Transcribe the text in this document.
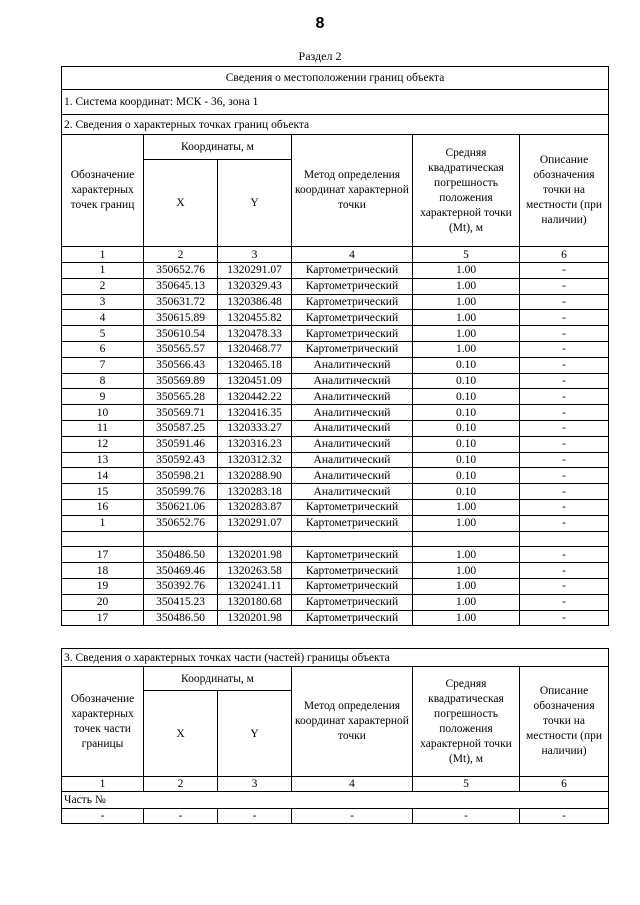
8
Раздел 2
Сведения о местоположении границ объекта					
1. Система координат: МСК - 36, зона 1					
2. Сведения о характерных точках границ объекта					
Обозначение характерных точек границ	Координаты, м		Метод определения координат характерной точки	Средняя квадратическая погрешность положения характерной точки (Mt), м	Описание обозначения точки на местности (при наличии)
	X	Y			
1	2	3	4	5	6
1	350652.76	1320291.07	Картометрический	1.00	-
2	350645.13	1320329.43	Картометрический	1.00	-
3	350631.72	1320386.48	Картометрический	1.00	-
4	350615.89	1320455.82	Картометрический	1.00	-
5	350610.54	1320478.33	Картометрический	1.00	-
6	350565.57	1320468.77	Картометрический	1.00	-
7	350566.43	1320465.18	Аналитический	0.10	-
8	350569.89	1320451.09	Аналитический	0.10	-
9	350565.28	1320442.22	Аналитический	0.10	-
10	350569.71	1320416.35	Аналитический	0.10	-
11	350587.25	1320333.27	Аналитический	0.10	-
12	350591.46	1320316.23	Аналитический	0.10	-
13	350592.43	1320312.32	Аналитический	0.10	-
14	350598.21	1320288.90	Аналитический	0.10	-
15	350599.76	1320283.18	Аналитический	0.10	-
16	350621.06	1320283.87	Картометрический	1.00	-
1	350652.76	1320291.07	Картометрический	1.00	-

17	350486.50	1320201.98	Картометрический	1.00	-
18	350469.46	1320263.58	Картометрический	1.00	-
19	350392.76	1320241.11	Картометрический	1.00	-
20	350415.23	1320180.68	Картометрический	1.00	-
17	350486.50	1320201.98	Картометрический	1.00	-
3. Сведения о характерных точках части (частей) границы объекта					
Обозначение характерных точек части границы	Координаты, м		Метод определения координат характерной точки	Средняя квадратическая погрешность положения характерной точки (Mt), м	Описание обозначения точки на местности (при наличии)
	X	Y			
1	2	3	4	5	6
Часть №					
-	-	-	-	-	-
